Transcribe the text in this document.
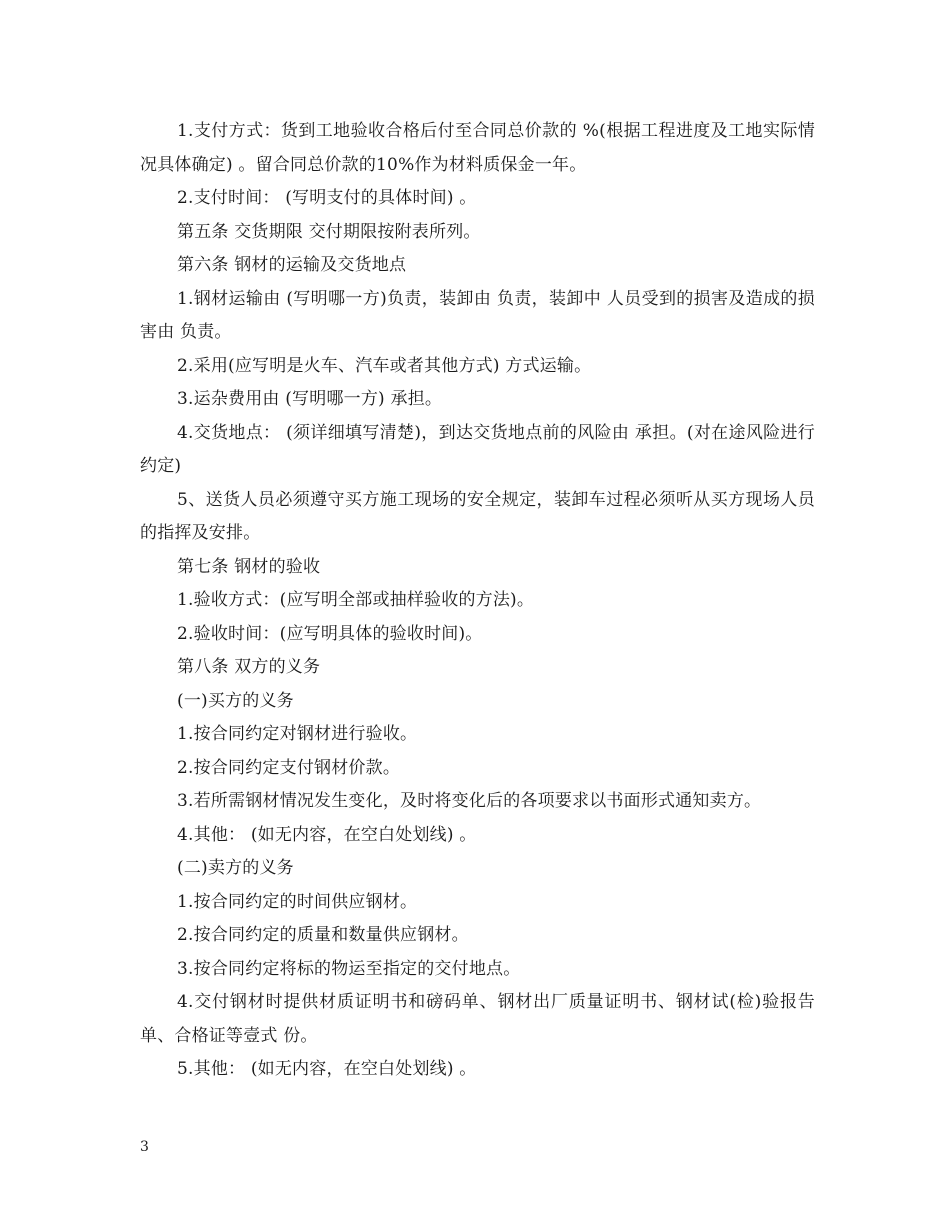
1.支付方式：货到工地验收合格后付至合同总价款的 %(根据工程进度及工地实际情况具体确定) 。留合同总价款的10%作为材料质保金一年。

2.支付时间： (写明支付的具体时间) 。

第五条 交货期限 交付期限按附表所列。

第六条 钢材的运输及交货地点

1.钢材运输由 (写明哪一方)负责，装卸由 负责，装卸中 人员受到的损害及造成的损害由 负责。

2.采用(应写明是火车、汽车或者其他方式) 方式运输。

3.运杂费用由 (写明哪一方) 承担。

4.交货地点： (须详细填写清楚)，到达交货地点前的风险由 承担。(对在途风险进行约定)

5、送货人员必须遵守买方施工现场的安全规定，装卸车过程必须听从买方现场人员的指挥及安排。

第七条 钢材的验收

1.验收方式：(应写明全部或抽样验收的方法)。

2.验收时间：(应写明具体的验收时间)。

第八条 双方的义务

(一)买方的义务

1.按合同约定对钢材进行验收。

2.按合同约定支付钢材价款。

3.若所需钢材情况发生变化，及时将变化后的各项要求以书面形式通知卖方。

4.其他： (如无内容，在空白处划线) 。

(二)卖方的义务

1.按合同约定的时间供应钢材。

2.按合同约定的质量和数量供应钢材。

3.按合同约定将标的物运至指定的交付地点。

4.交付钢材时提供材质证明书和磅码单、钢材出厂质量证明书、钢材试(检)验报告单、合格证等壹式 份。

5.其他： (如无内容，在空白处划线) 。

3
